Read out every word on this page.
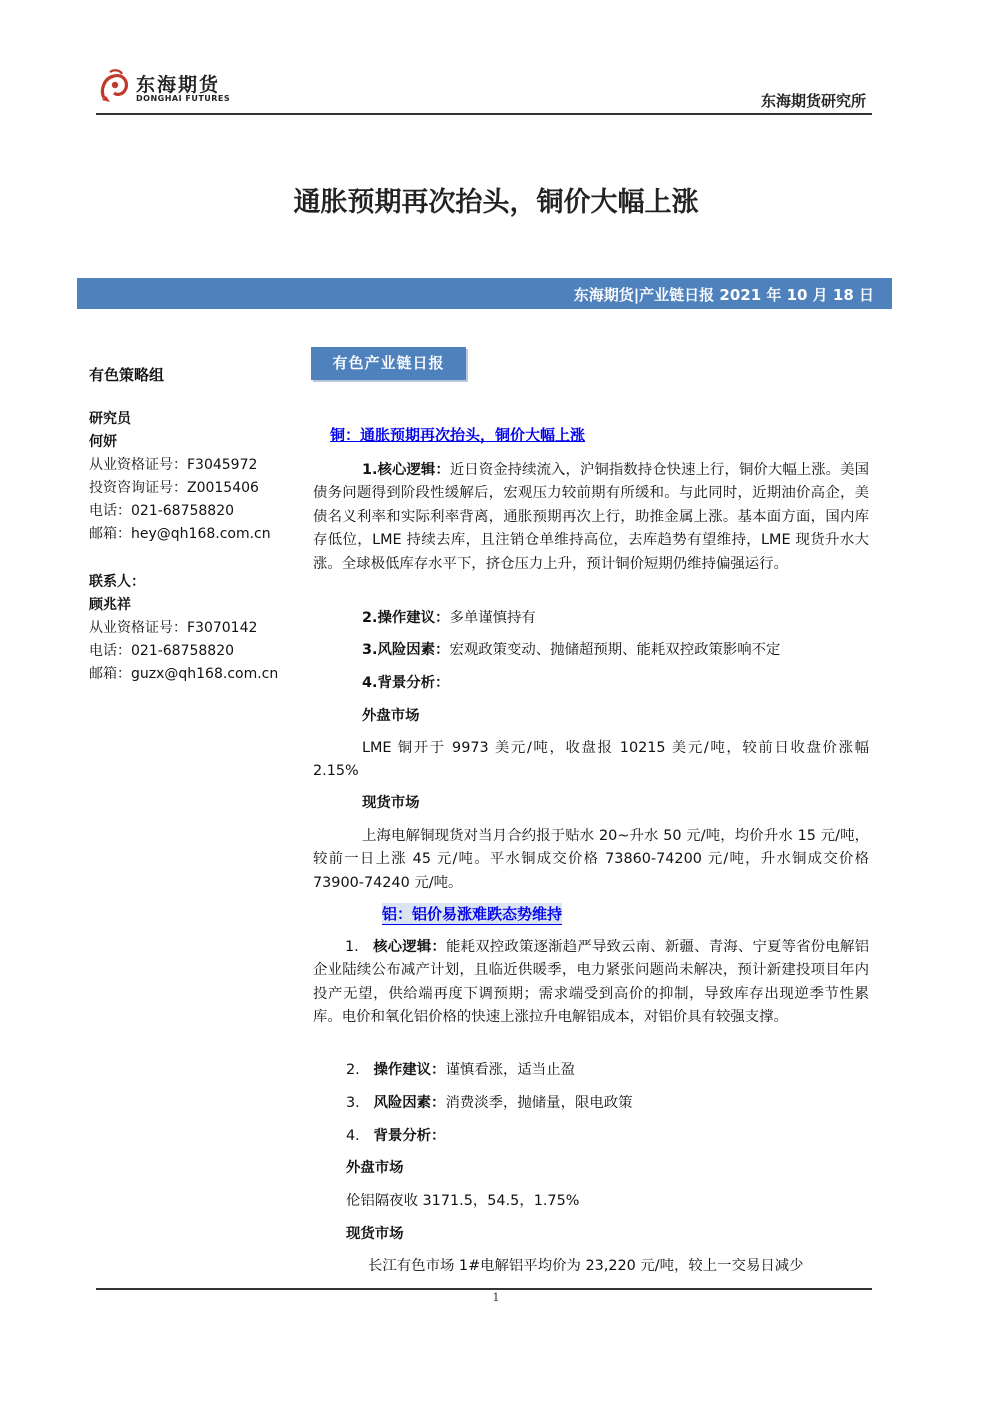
东海期货
DONGHAI FUTURES	东海期货研究所
通胀预期再次抬头，铜价大幅上涨
东海期货|产业链日报 2021 年 10 月 18 日
有色策略组
研究员
何妍
从业资格证号：F3045972
投资咨询证号：Z0015406
电话：021-68758820
邮箱：hey@qh168.com.cn
联系人：
顾兆祥
从业资格证号：F3070142
电话：021-68758820
邮箱：guzx@qh168.com.cn
有色产业链日报
铜：通胀预期再次抬头，铜价大幅上涨
1.核心逻辑：近日资金持续流入，沪铜指数持仓快速上行，铜价大幅上涨。美国债务问题得到阶段性缓解后，宏观压力较前期有所缓和。与此同时，近期油价高企，美债名义利率和实际利率背离，通胀预期再次上行，助推金属上涨。基本面方面，国内库存低位，LME 持续去库，且注销仓单维持高位，去库趋势有望维持，LME 现货升水大涨。全球极低库存水平下，挤仓压力上升，预计铜价短期仍维持偏强运行。
2.操作建议：多单谨慎持有
3.风险因素：宏观政策变动、抛储超预期、能耗双控政策影响不定
4.背景分析：
外盘市场
LME 铜开于 9973 美元/吨，收盘报 10215 美元/吨，较前日收盘价涨幅 2.15%
现货市场
上海电解铜现货对当月合约报于贴水 20~升水 50 元/吨，均价升水 15 元/吨，较前一日上涨 45 元/吨。平水铜成交价格 73860-74200 元/吨，升水铜成交价格 73900-74240 元/吨。
铝：铝价易涨难跌态势维持
1. 核心逻辑：能耗双控政策逐渐趋严导致云南、新疆、青海、宁夏等省份电解铝企业陆续公布减产计划，且临近供暖季，电力紧张问题尚未解决，预计新建投项目年内投产无望，供给端再度下调预期；需求端受到高价的抑制，导致库存出现逆季节性累库。电价和氧化铝价格的快速上涨拉升电解铝成本，对铝价具有较强支撑。
2. 操作建议：谨慎看涨，适当止盈
3. 风险因素：消费淡季，抛储量，限电政策
4. 背景分析：
外盘市场
伦铝隔夜收 3171.5，54.5，1.75%
现货市场
长江有色市场 1#电解铝平均价为 23,220 元/吨，较上一交易日减少
1
